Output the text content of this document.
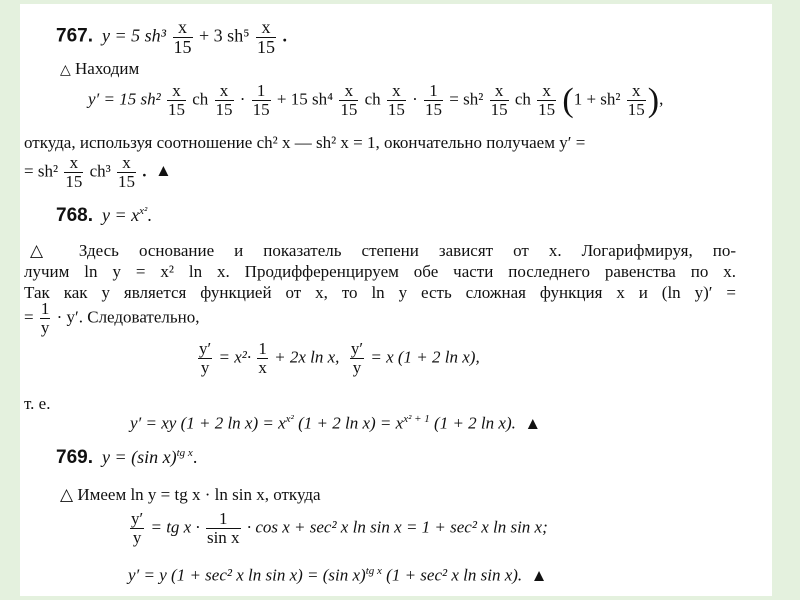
767. y = 5 $sh^3 \frac{x}{15} + 3$ $sh^5 \frac{x}{15}$ .
△ Находим
y′ = 15 $sh^2 \frac{x}{15}$ ch $\frac{x}{15} \cdot \frac{1}{15} + 15$ $sh^4 \frac{x}{15}$ ch $\frac{x}{15} \cdot \frac{1}{15} = sh^2 \frac{x}{15}$ ch $\frac{x}{15} (1 + sh^2 \frac{x}{15}$ ),
откуда, используя соотношение ch² x — sh² x = 1, окончательно получаем y′ =
= $sh^2 \frac{x}{15} ch^3 \frac{x}{15}$ . ▲
768. $y = x^{x^2}$.
△ Здесь основание и показатель степени зависят от x. Логарифмируя, по-
лучим ln y = x² ln x. Продифференцируем обе части последнего равенства по x.
Так как y является функцией от x, то ln y есть сложная функция x и (ln y)′ =
= $\frac{1}{y} \cdot y'$. Следовательно,
$\frac{y'}{y} = x^2\cdot \frac{1}{x} + 2x$ ln x, $\frac{y'}{y} = x$ (1 + 2 ln x),
т. е.
y′ = xy (1 + 2 $\ln x) = x^{x^2}$ (1 + 2 $\ln x) = x^{x^2 + 1}$ (1 + 2 ln x). ▲
769. y = (sin x)$^{tg x}$.
△ Имеем ln y = tg x · ln sin x, откуда
$\frac{y'}{y}$ = tg $x \cdot \frac{1}{\text{sin x}} \cdot \cos x + \sec^2$ x ln sin x = 1 + sec² x ln sin x;
y′ = y (1 + sec² x ln sin x) = (sin x)$^{tg x}$ (1 + sec² x ln sin x). ▲
